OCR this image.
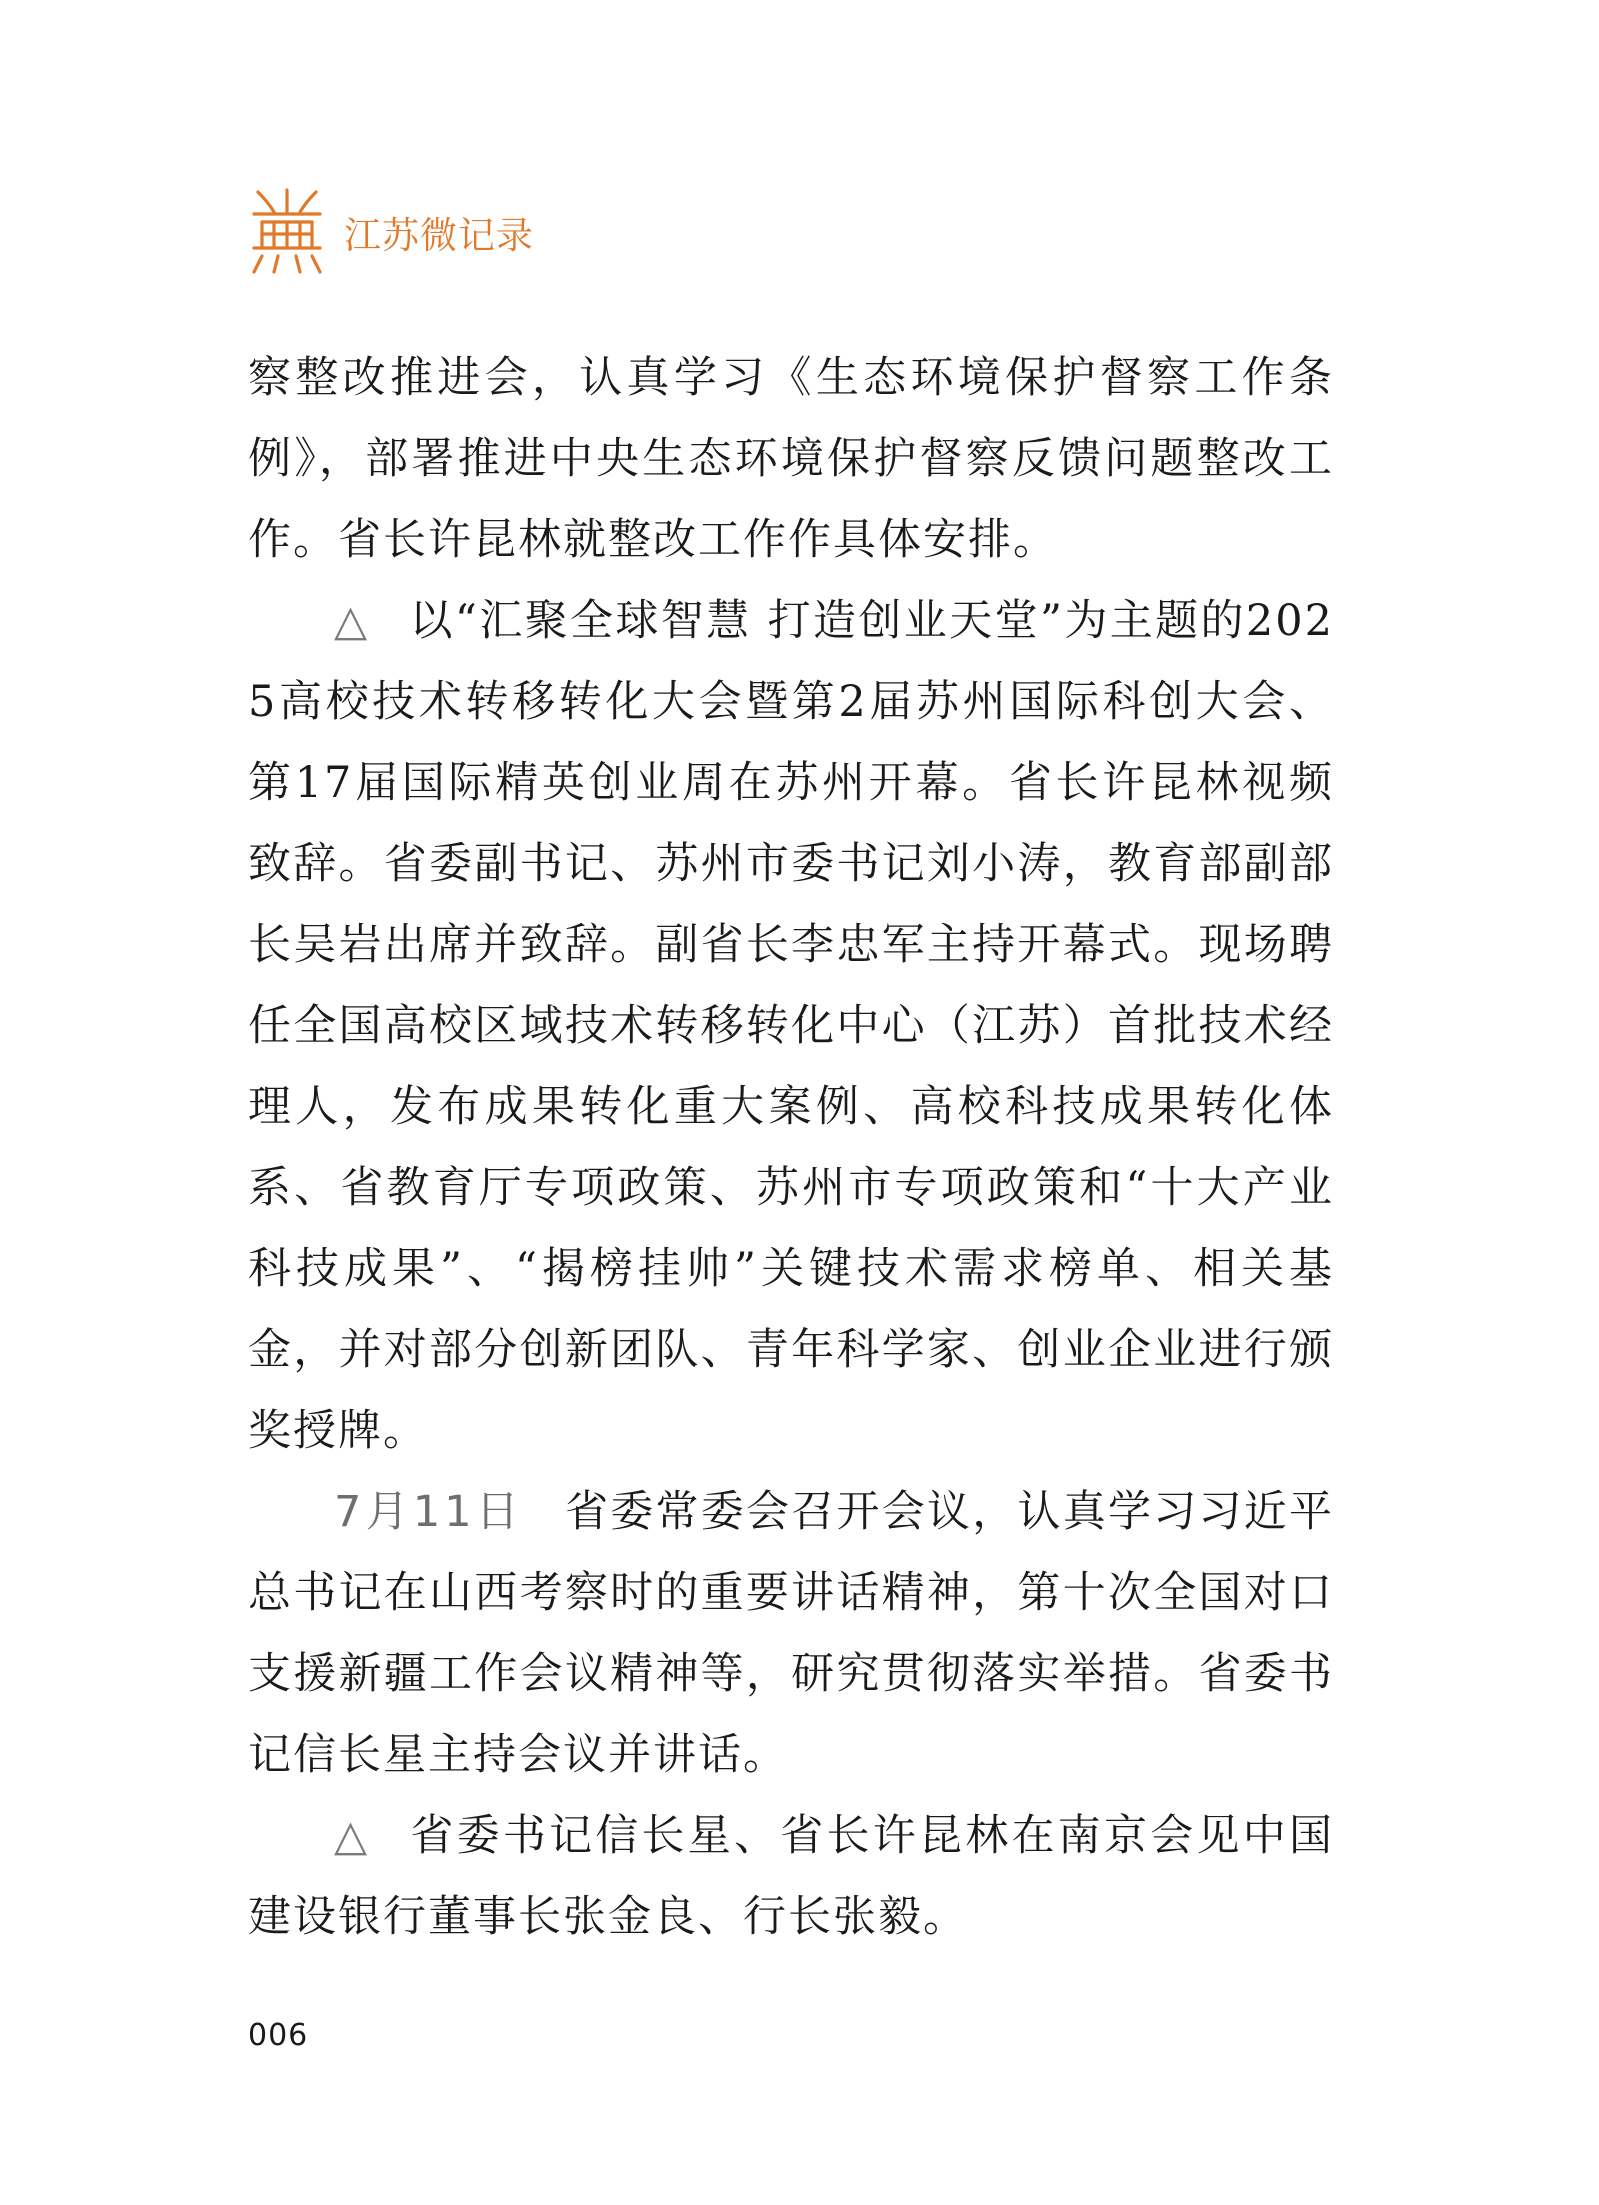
江苏微记录

察整改推进会，认真学习《生态环境保护督察工作条例》，部署推进中央生态环境保护督察反馈问题整改工作。省长许昆林就整改工作作具体安排。

△ 以“汇聚全球智慧 打造创业天堂”为主题的2025高校技术转移转化大会暨第2届苏州国际科创大会、第17届国际精英创业周在苏州开幕。省长许昆林视频致辞。省委副书记、苏州市委书记刘小涛，教育部副部长吴岩出席并致辞。副省长李忠军主持开幕式。现场聘任全国高校区域技术转移转化中心（江苏）首批技术经理人，发布成果转化重大案例、高校科技成果转化体系、省教育厅专项政策、苏州市专项政策和“十大产业科技成果”、“揭榜挂帅”关键技术需求榜单、相关基金，并对部分创新团队、青年科学家、创业企业进行颁奖授牌。

7月11日 省委常委会召开会议，认真学习习近平总书记在山西考察时的重要讲话精神，第十次全国对口支援新疆工作会议精神等，研究贯彻落实举措。省委书记信长星主持会议并讲话。

△ 省委书记信长星、省长许昆林在南京会见中国建设银行董事长张金良、行长张毅。

006
